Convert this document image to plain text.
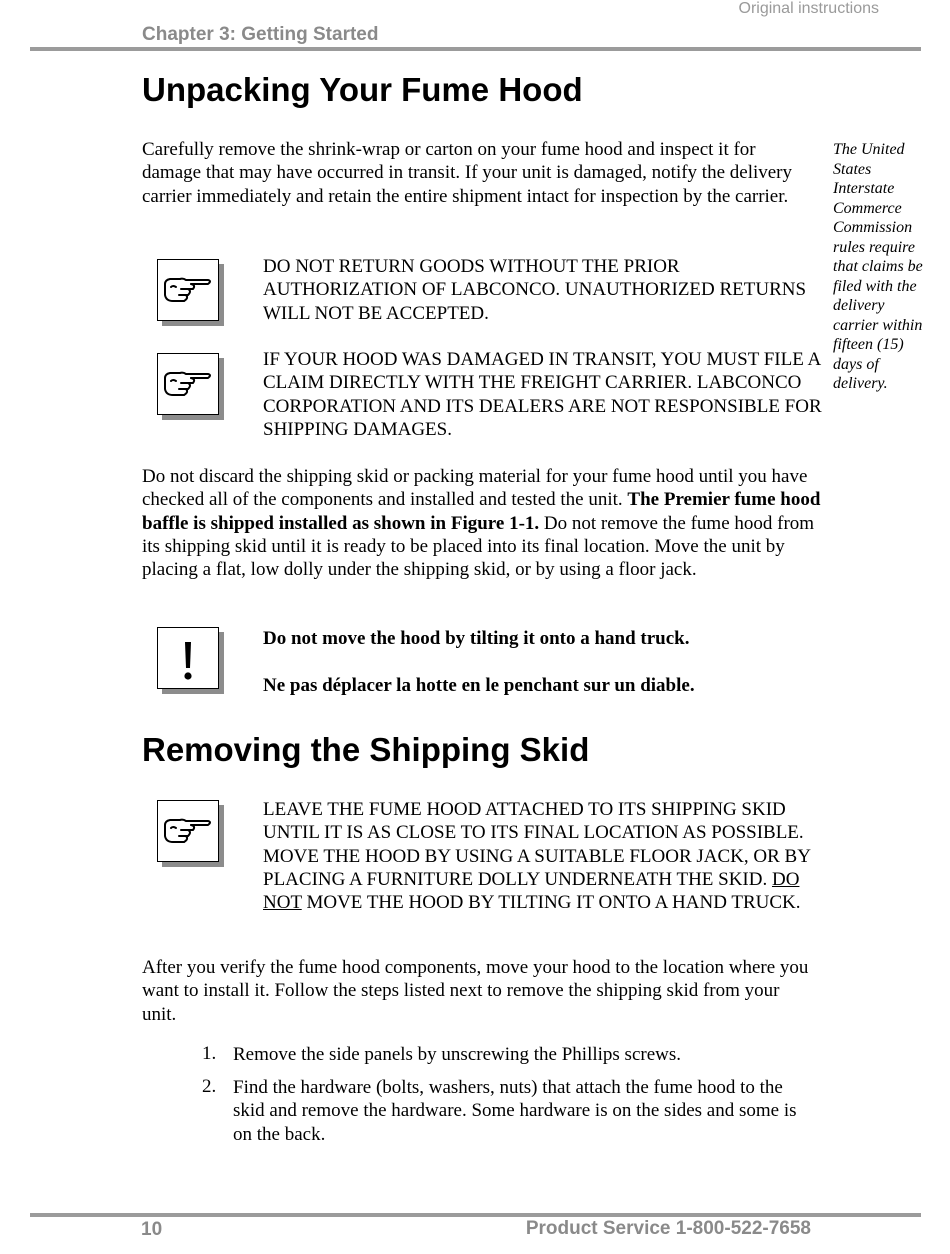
Original instructions
Chapter 3: Getting Started
Unpacking Your Fume Hood

Carefully remove the shrink-wrap or carton on your fume hood and inspect it for damage that may have occurred in transit. If your unit is damaged, notify the delivery carrier immediately and retain the entire shipment intact for inspection by the carrier.

The United States Interstate Commerce Commission rules require that claims be filed with the delivery carrier within fifteen (15) days of delivery.

DO NOT RETURN GOODS WITHOUT THE PRIOR AUTHORIZATION OF LABCONCO. UNAUTHORIZED RETURNS WILL NOT BE ACCEPTED.

IF YOUR HOOD WAS DAMAGED IN TRANSIT, YOU MUST FILE A CLAIM DIRECTLY WITH THE FREIGHT CARRIER. LABCONCO CORPORATION AND ITS DEALERS ARE NOT RESPONSIBLE FOR SHIPPING DAMAGES.

Do not discard the shipping skid or packing material for your fume hood until you have checked all of the components and installed and tested the unit. The Premier fume hood baffle is shipped installed as shown in Figure 1-1. Do not remove the fume hood from its shipping skid until it is ready to be placed into its final location. Move the unit by placing a flat, low dolly under the shipping skid, or by using a floor jack.

Do not move the hood by tilting it onto a hand truck.
Ne pas déplacer la hotte en le penchant sur un diable.
Removing the Shipping Skid

LEAVE THE FUME HOOD ATTACHED TO ITS SHIPPING SKID UNTIL IT IS AS CLOSE TO ITS FINAL LOCATION AS POSSIBLE. MOVE THE HOOD BY USING A SUITABLE FLOOR JACK, OR BY PLACING A FURNITURE DOLLY UNDERNEATH THE SKID. DO NOT MOVE THE HOOD BY TILTING IT ONTO A HAND TRUCK.

After you verify the fume hood components, move your hood to the location where you want to install it. Follow the steps listed next to remove the shipping skid from your unit.

1. Remove the side panels by unscrewing the Phillips screws.
2. Find the hardware (bolts, washers, nuts) that attach the fume hood to the skid and remove the hardware. Some hardware is on the sides and some is on the back.
10	Product Service 1-800-522-7658
